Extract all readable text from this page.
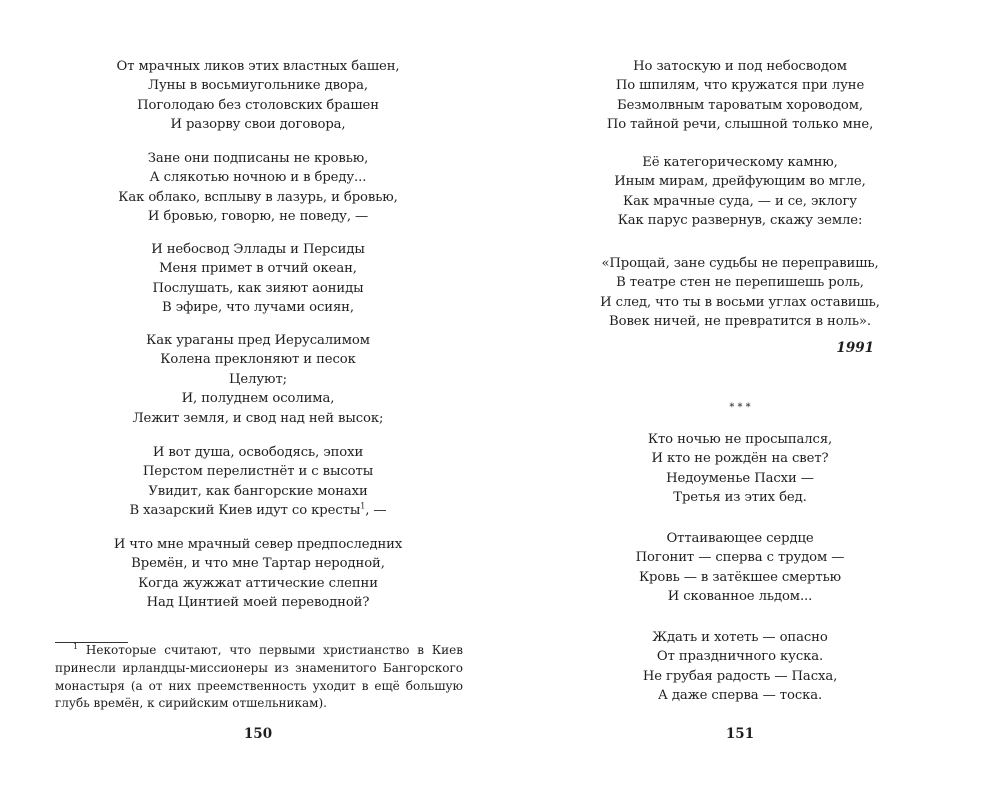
От мрачных ликов этих властных башен,
Луны в восьмиугольнике двора,
Поголодаю без столовских брашен
И разорву свои договора,
Зане они подписаны не кровью,
А слякотью ночною и в бреду...
Как облако, всплыву в лазурь, и бровью,
И бровью, говорю, не поведу, —
И небосвод Эллады и Персиды
Меня примет в отчий океан,
Послушать, как зияют аониды
В эфире, что лучами осиян,
Как ураганы пред Иерусалимом
Колена преклоняют и песок
Целуют;
И, полуднем осолима,
Лежит земля, и свод над ней высок;
И вот душа, освободясь, эпохи
Перстом перелистнёт и с высоты
Увидит, как бангорские монахи
В хазарский Киев идут со кресты$^1$, —
И что мне мрачный север предпоследних
Времён, и что мне Тартар неродной,
Когда жужжат аттические слепни
Над Цинтией моей переводной?
$^1$ Некоторые считают, что первыми христианство в Киев принесли ирландцы-миссионеры из знаменитого Бангорского монастыря (а от них преемственность уходит в ещё большую глубь времён, к сирийским отшельникам).
150
Но затоскую и под небосводом
По шпилям, что кружатся при луне
Безмолвным тароватым хороводом,
По тайной речи, слышной только мне,
Её категорическому камню,
Иным мирам, дрейфующим во мгле,
Как мрачные суда, — и се, эклогу
Как парус развернув, скажу земле:
«Прощай, зане судьбы не переправишь,
В театре стен не перепишешь роль,
И след, что ты в восьми углах оставишь,
Вовек ничей, не превратится в ноль».
1991
* * *
Кто ночью не просыпался,
И кто не рождён на свет?
Недоуменье Пасхи —
Третья из этих бед.
Оттаивающее сердце
Погонит — сперва с трудом —
Кровь — в затёкшее смертью
И скованное льдом...
Ждать и хотеть — опасно
От праздничного куска.
Не грубая радость — Пасха,
А даже сперва — тоска.
151
